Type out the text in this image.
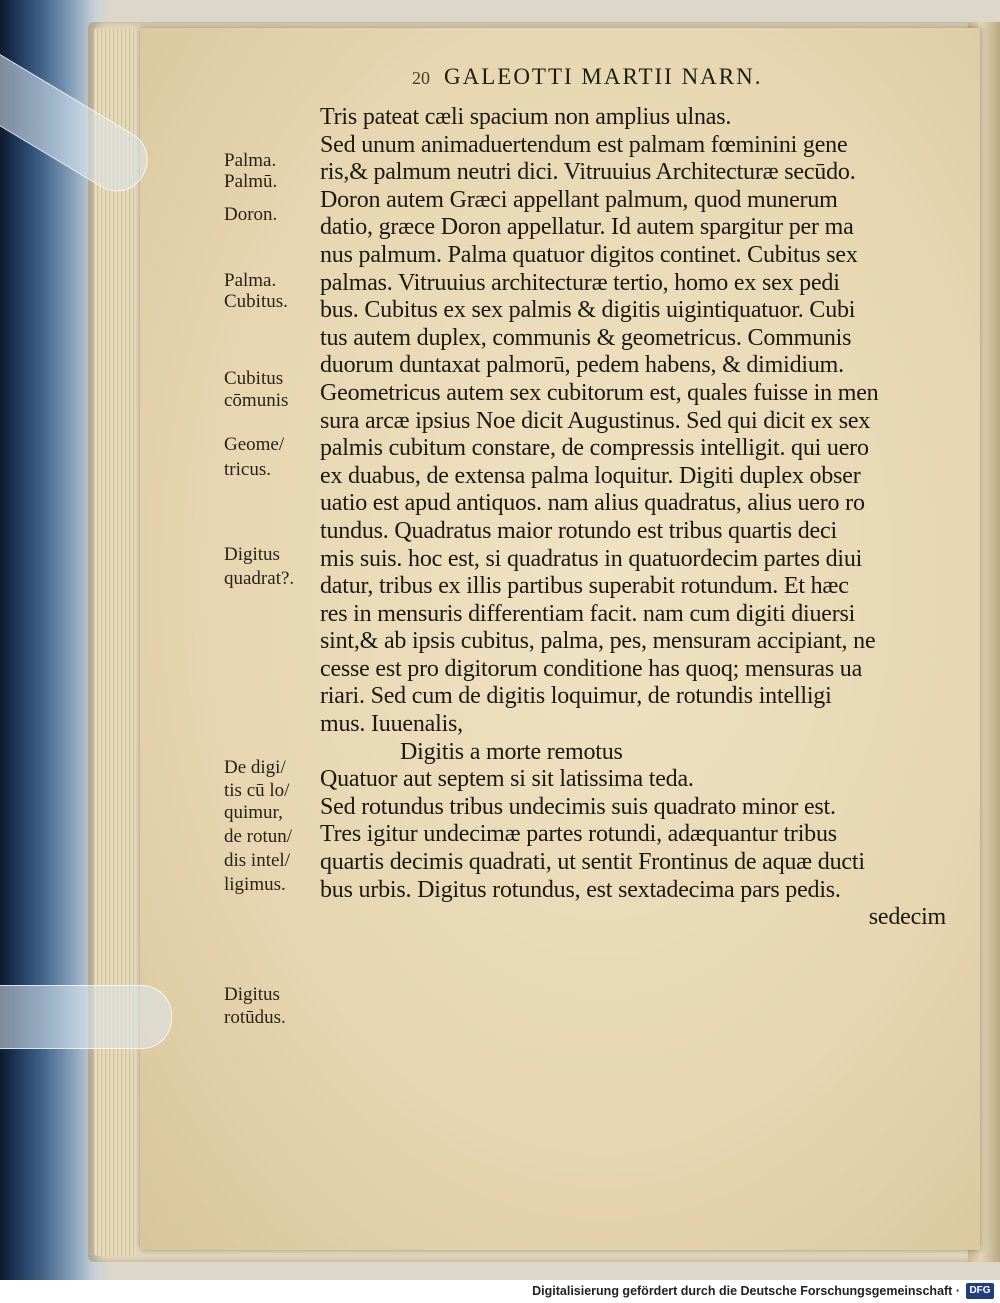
20 GALEOTTI MARTII NARN.
Palma.
Palmū.
Doron.
Palma.
Cubitus.
Cubitus
cōmunis
Geome/
tricus.
Digitus
quadrat?.
De digi/
tis cū lo/
quimur,
de rotun/
dis intel/
ligimus.
Digitus
rotūdus.
Tris pateat cæli spacium non amplius ulnas.
Sed unum animaduertendum est palmam fœminini gene
ris,& palmum neutri dici. Vitruuius Architecturæ secūdo.
Doron autem Græci appellant palmum, quod munerum
datio, græce Doron appellatur. Id autem spargitur per ma
nus palmum. Palma quatuor digitos continet. Cubitus sex
palmas. Vitruuius architecturæ tertio, homo ex sex pedi
bus. Cubitus ex sex palmis & digitis uigintiquatuor. Cubi
tus autem duplex, communis & geometricus. Communis
duorum duntaxat palmorū, pedem habens, & dimidium.
Geometricus autem sex cubitorum est, quales fuisse in men
sura arcæ ipsius Noe dicit Augustinus. Sed qui dicit ex sex
palmis cubitum constare, de compressis intelligit. qui uero
ex duabus, de extensa palma loquitur. Digiti duplex obser
uatio est apud antiquos. nam alius quadratus, alius uero ro
tundus. Quadratus maior rotundo est tribus quartis deci
mis suis. hoc est, si quadratus in quatuordecim partes diui
datur, tribus ex illis partibus superabit rotundum. Et hæc
res in mensuris differentiam facit. nam cum digiti diuersi
sint,& ab ipsis cubitus, palma, pes, mensuram accipiant, ne
cesse est pro digitorum conditione has quoq; mensuras ua
riari. Sed cum de digitis loquimur, de rotundis intelligi
mus. Iuuenalis,
Digitis a morte remotus
Quatuor aut septem si sit latissima teda.
Sed rotundus tribus undecimis suis quadrato minor est.
Tres igitur undecimæ partes rotundi, adæquantur tribus
quartis decimis quadrati, ut sentit Frontinus de aquæ ducti
bus urbis. Digitus rotundus, est sextadecima pars pedis.
sedecim
Digitalisierung gefördert durch die Deutsche Forschungsgemeinschaft · DFG
